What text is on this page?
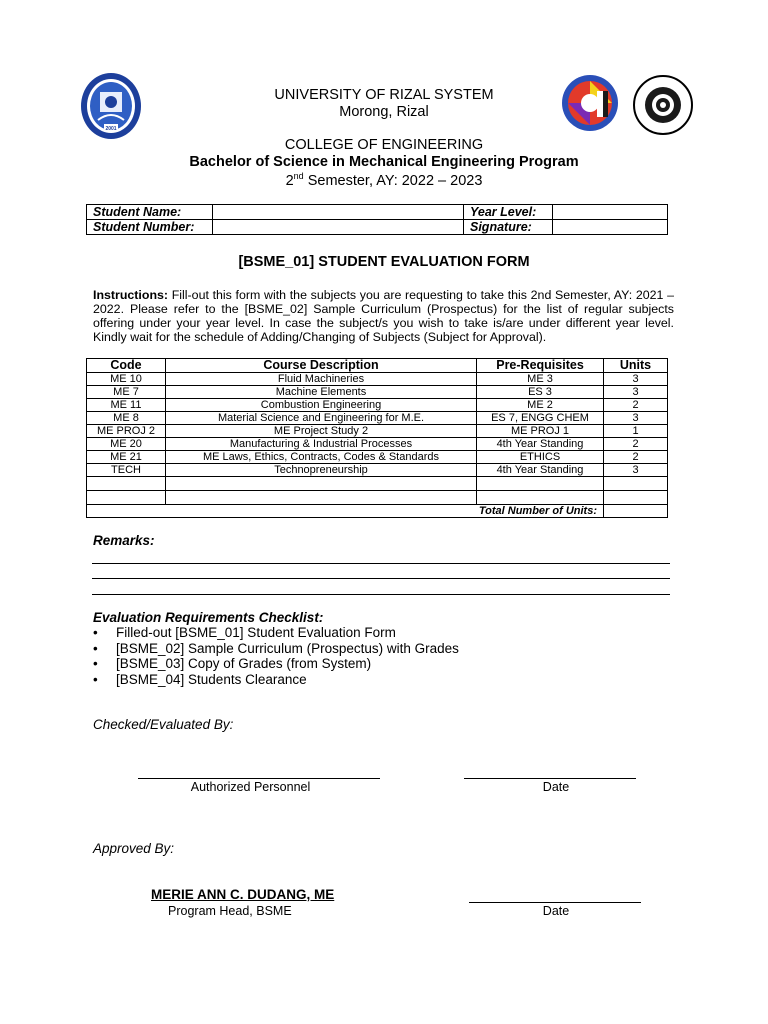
2001
UNIVERSITY OF RIZAL SYSTEM
Morong, Rizal
COLLEGE OF ENGINEERING
Bachelor of Science in Mechanical Engineering Program
2nd Semester, AY: 2022 – 2023
Student Name:		Year Level:	
Student Number:		Signature:	
[BSME_01] STUDENT EVALUATION FORM
Instructions: Fill-out this form with the subjects you are requesting to take this 2nd Semester, AY: 2021 – 2022. Please refer to the [BSME_02] Sample Curriculum (Prospectus) for the list of regular subjects offering under your year level. In case the subject/s you wish to take is/are under different year level. Kindly wait for the schedule of Adding/Changing of Subjects (Subject for Approval).
Code	Course Description	Pre-Requisites	Units
ME 10	Fluid Machineries	ME 3	3
ME 7	Machine Elements	ES 3	3
ME 11	Combustion Engineering	ME 2	2
ME 8	Material Science and Engineering for M.E.	ES 7, ENGG CHEM	3
ME PROJ 2	ME Project Study 2	ME PROJ 1	1
ME 20	Manufacturing & Industrial Processes	4th Year Standing	2
ME 21	ME Laws, Ethics, Contracts, Codes & Standards	ETHICS	2
TECH	Technopreneurship	4th Year Standing	3

Total Number of Units:			
Remarks:
Evaluation Requirements Checklist:
• Filled-out [BSME_01] Student Evaluation Form
• [BSME_02] Sample Curriculum (Prospectus) with Grades
• [BSME_03] Copy of Grades (from System)
• [BSME_04] Students Clearance
Checked/Evaluated By:
Authorized Personnel	Date
Approved By:
MERIE ANN C. DUDANG, ME
Program Head, BSME	Date
